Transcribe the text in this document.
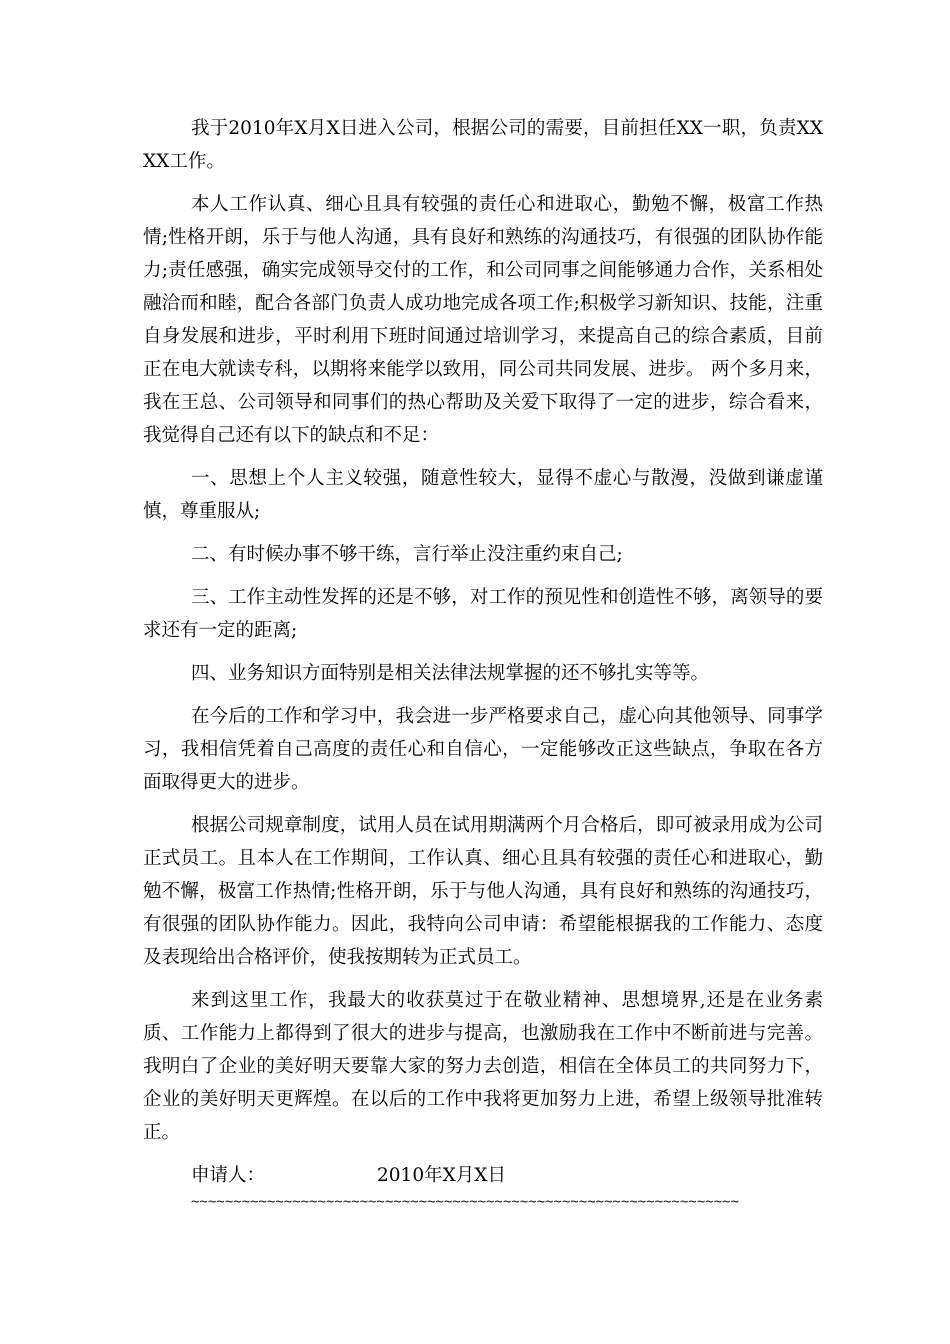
我于2010年X月X日进入公司，根据公司的需要，目前担任XX一职，负责XXXX工作。

本人工作认真、细心且具有较强的责任心和进取心，勤勉不懈，极富工作热情;性格开朗，乐于与他人沟通，具有良好和熟练的沟通技巧，有很强的团队协作能力;责任感强，确实完成领导交付的工作，和公司同事之间能够通力合作，关系相处融洽而和睦，配合各部门负责人成功地完成各项工作;积极学习新知识、技能，注重自身发展和进步，平时利用下班时间通过培训学习，来提高自己的综合素质，目前正在电大就读专科，以期将来能学以致用，同公司共同发展、进步。 两个多月来，我在王总、公司领导和同事们的热心帮助及关爱下取得了一定的进步，综合看来，我觉得自己还有以下的缺点和不足：

一、思想上个人主义较强，随意性较大，显得不虚心与散漫，没做到谦虚谨慎，尊重服从;

二、有时候办事不够干练，言行举止没注重约束自己;

三、工作主动性发挥的还是不够，对工作的预见性和创造性不够，离领导的要求还有一定的距离;

四、业务知识方面特别是相关法律法规掌握的还不够扎实等等。

在今后的工作和学习中，我会进一步严格要求自己，虚心向其他领导、同事学习，我相信凭着自己高度的责任心和自信心，一定能够改正这些缺点，争取在各方面取得更大的进步。

根据公司规章制度，试用人员在试用期满两个月合格后，即可被录用成为公司正式员工。且本人在工作期间，工作认真、细心且具有较强的责任心和进取心，勤勉不懈，极富工作热情;性格开朗，乐于与他人沟通，具有良好和熟练的沟通技巧，有很强的团队协作能力。因此，我特向公司申请：希望能根据我的工作能力、态度及表现给出合格评价，使我按期转为正式员工。

来到这里工作，我最大的收获莫过于在敬业精神、思想境界,还是在业务素质、工作能力上都得到了很大的进步与提高，也激励我在工作中不断前进与完善。我明白了企业的美好明天要靠大家的努力去创造，相信在全体员工的共同努力下，企业的美好明天更辉煌。在以后的工作中我将更加努力上进，希望上级领导批准转正。

申请人：	2010年X月X日
~~~~~~~~~~~~~~~~~~~~~~~~~~~~~~~~~~~~~~~~~~~~~~~~~~~~~~~~~~~~~~~~~
